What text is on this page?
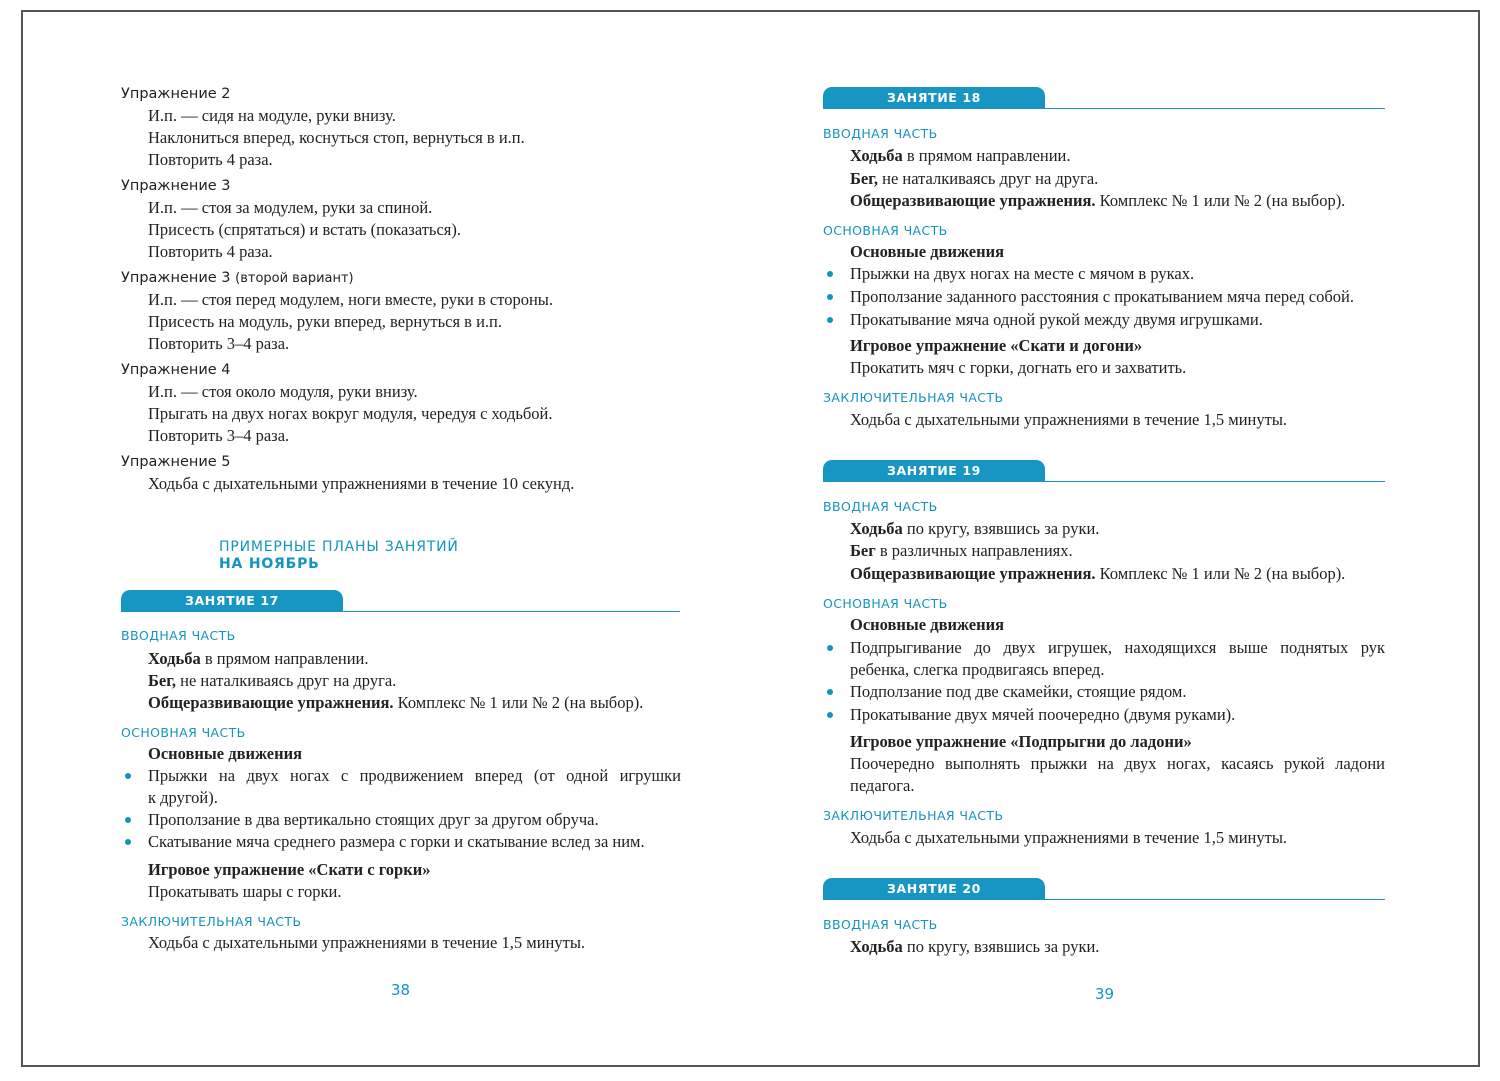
Упражнение 2
И.п. — сидя на модуле, руки внизу.
Наклониться вперед, коснуться стоп, вернуться в и.п.
Повторить 4 раза.
Упражнение 3
И.п. — стоя за модулем, руки за спиной.
Присесть (спрятаться) и встать (показаться).
Повторить 4 раза.
Упражнение 3 (второй вариант)
И.п. — стоя перед модулем, ноги вместе, руки в стороны.
Присесть на модуль, руки вперед, вернуться в и.п.
Повторить 3–4 раза.
Упражнение 4
И.п. — стоя около модуля, руки внизу.
Прыгать на двух ногах вокруг модуля, чередуя с ходьбой.
Повторить 3–4 раза.
Упражнение 5
Ходьба с дыхательными упражнениями в течение 10 секунд.
ПРИМЕРНЫЕ ПЛАНЫ ЗАНЯТИЙ
НА НОЯБРЬ
ЗАНЯТИЕ 17
ВВОДНАЯ ЧАСТЬ
Ходьба в прямом направлении.
Бег, не наталкиваясь друг на друга.
Общеразвивающие упражнения. Комплекс № 1 или № 2 (на выбор).
ОСНОВНАЯ ЧАСТЬ
Основные движения
Прыжки на двух ногах с продвижением вперед (от одной игрушки
к другой).
Проползание в два вертикально стоящих друг за другом обруча.
Скатывание мяча среднего размера с горки и скатывание вслед за ним.
Игровое упражнение «Скати с горки»
Прокатывать шары с горки.
ЗАКЛЮЧИТЕЛЬНАЯ ЧАСТЬ
Ходьба с дыхательными упражнениями в течение 1,5 минуты.
38
ЗАНЯТИЕ 18
ВВОДНАЯ ЧАСТЬ
Ходьба в прямом направлении.
Бег, не наталкиваясь друг на друга.
Общеразвивающие упражнения. Комплекс № 1 или № 2 (на выбор).
ОСНОВНАЯ ЧАСТЬ
Основные движения
Прыжки на двух ногах на месте с мячом в руках.
Проползание заданного расстояния с прокатыванием мяча перед собой.
Прокатывание мяча одной рукой между двумя игрушками.
Игровое упражнение «Скати и догони»
Прокатить мяч с горки, догнать его и захватить.
ЗАКЛЮЧИТЕЛЬНАЯ ЧАСТЬ
Ходьба с дыхательными упражнениями в течение 1,5 минуты.
ЗАНЯТИЕ 19
ВВОДНАЯ ЧАСТЬ
Ходьба по кругу, взявшись за руки.
Бег в различных направлениях.
Общеразвивающие упражнения. Комплекс № 1 или № 2 (на выбор).
ОСНОВНАЯ ЧАСТЬ
Основные движения
Подпрыгивание до двух игрушек, находящихся выше поднятых рук
ребенка, слегка продвигаясь вперед.
Подползание под две скамейки, стоящие рядом.
Прокатывание двух мячей поочередно (двумя руками).
Игровое упражнение «Подпрыгни до ладони»
Поочередно выполнять прыжки на двух ногах, касаясь рукой ладони
педагога.
ЗАКЛЮЧИТЕЛЬНАЯ ЧАСТЬ
Ходьба с дыхательными упражнениями в течение 1,5 минуты.
ЗАНЯТИЕ 20
ВВОДНАЯ ЧАСТЬ
Ходьба по кругу, взявшись за руки.
39
